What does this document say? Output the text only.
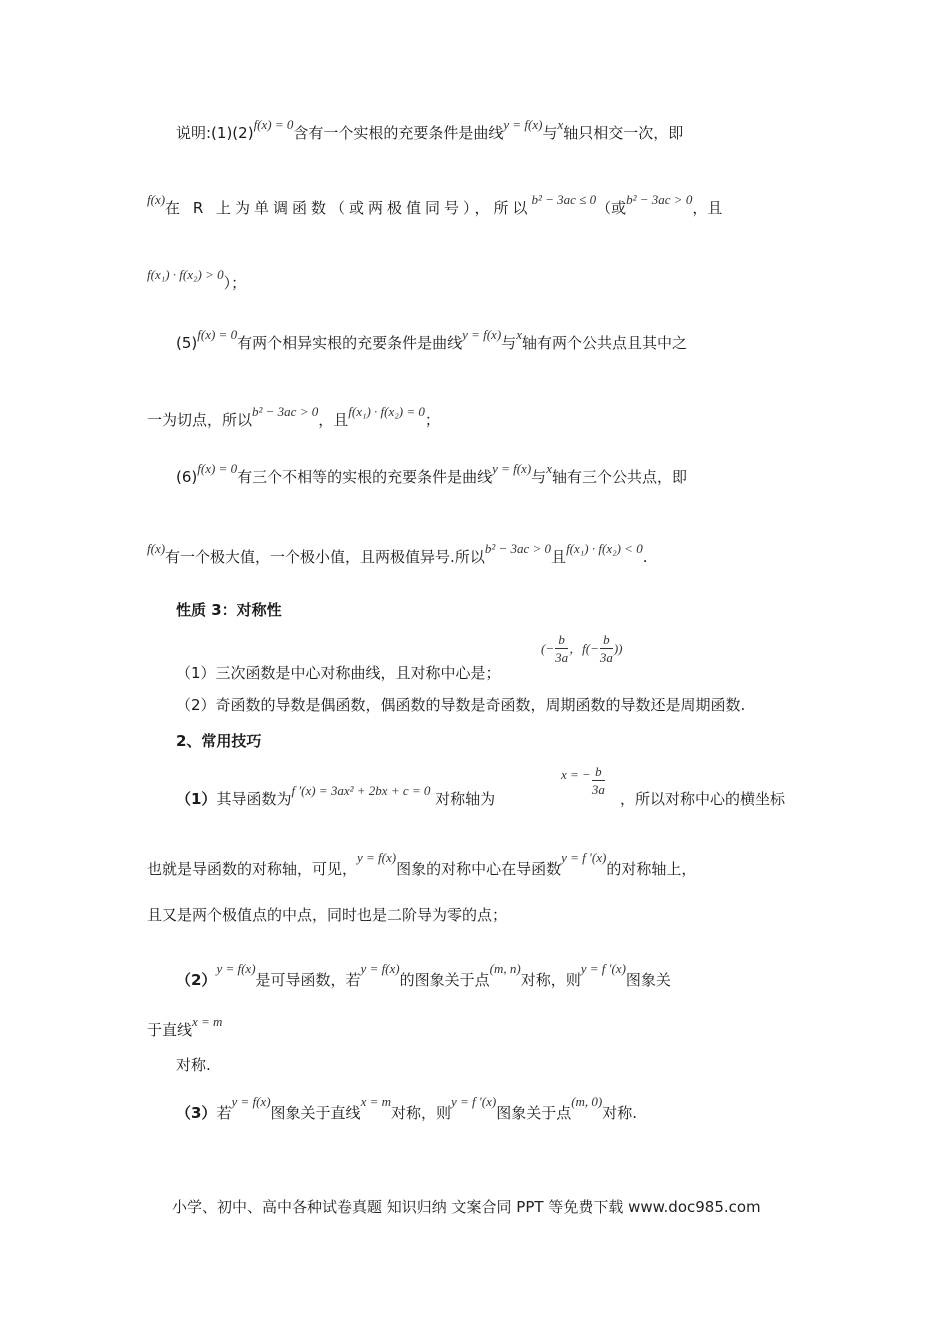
说明:(1)(2)f(x) = 0含有一个实根的充要条件是曲线y = f(x)与x轴只相交一次，即
f(x)在 R 上为单调函数（或两极值同号），所以b² − 3ac ≤ 0（或b² − 3ac > 0，且
f(x₁) · f(x₂) > 0）；
(5)f(x) = 0有两个相异实根的充要条件是曲线y = f(x)与x轴有两个公共点且其中之
一为切点，所以b² − 3ac > 0，且f(x₁) · f(x₂) = 0；
(6)f(x) = 0有三个不相等的实根的充要条件是曲线y = f(x)与x轴有三个公共点，即
f(x)有一个极大值，一个极小值，且两极值异号.所以b² − 3ac > 0且f(x₁) · f(x₂) < 0.
性质 3：对称性
（1）三次函数是中心对称曲线，且对称中心是；
(− $\frac{b}{3a}$ ，$f(- \frac{b}{3a}$ ))
（2）奇函数的导数是偶函数，偶函数的导数是奇函数，周期函数的导数还是周期函数.
2、常用技巧
（1）其导函数为f ′(x) = 3ax² + 2bx + c = 0 对称轴为
x = − $\frac{b}{3a}$
，所以对称中心的横坐标
也就是导函数的对称轴，可见，y = f(x)图象的对称中心在导函数y = f ′(x)的对称轴上，
且又是两个极值点的中点，同时也是二阶导为零的点；
（2）y = f(x)是可导函数，若y = f(x)的图象关于点(m, n)对称，则y = f ′(x)图象关
于直线x = m
对称.
（3）若y = f(x)图象关于直线x = m对称，则y = f ′(x)图象关于点(m, 0)对称.
小学、初中、高中各种试卷真题 知识归纳 文案合同 PPT 等免费下载 www.doc985.com
